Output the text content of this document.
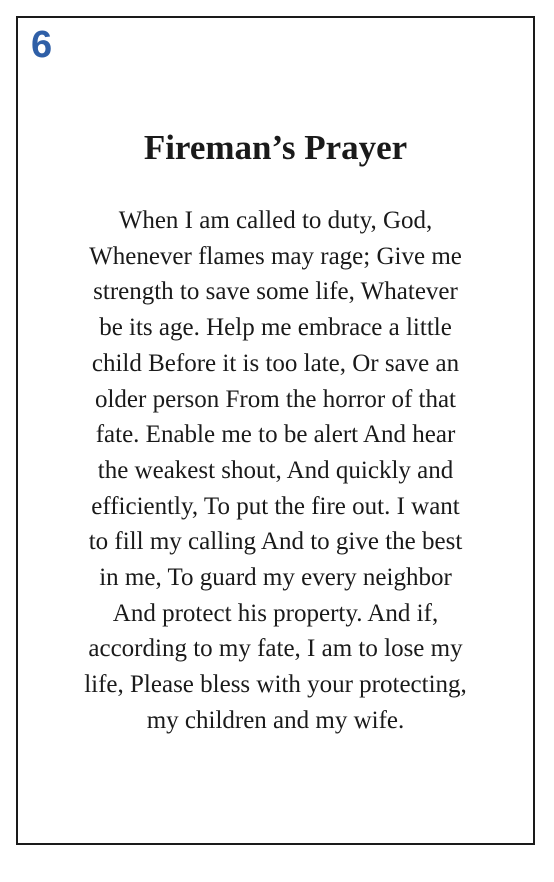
6
Fireman’s Prayer

When I am called to duty, God,
Whenever flames may rage; Give me
strength to save some life, Whatever
be its age. Help me embrace a little
child Before it is too late, Or save an
older person From the horror of that
fate. Enable me to be alert And hear
the weakest shout, And quickly and
efficiently, To put the fire out. I want
to fill my calling And to give the best
in me, To guard my every neighbor
And protect his property. And if,
according to my fate, I am to lose my
life, Please bless with your protecting,
my children and my wife.
